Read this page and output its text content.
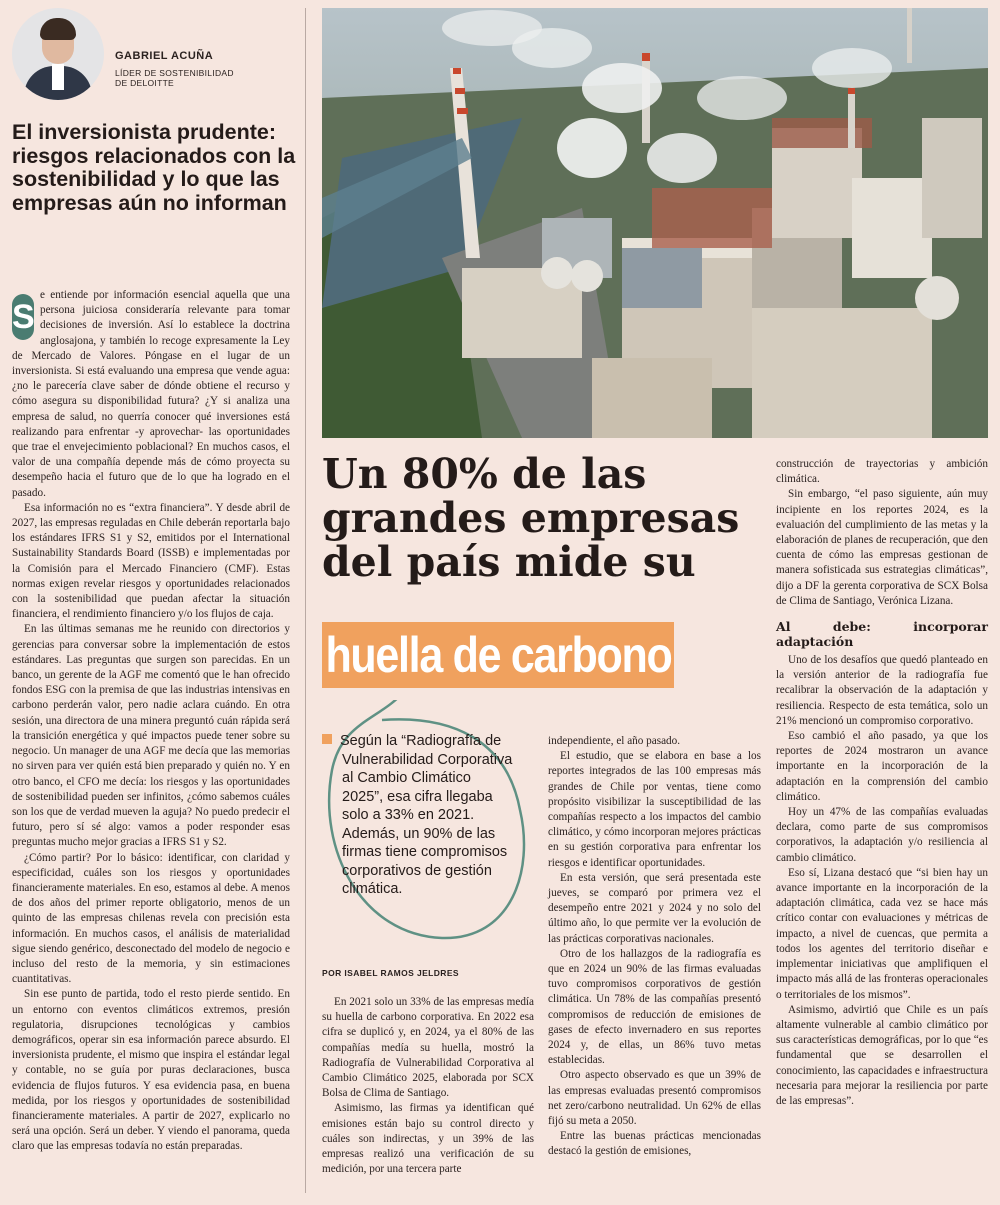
GABRIEL ACUÑA
LÍDER DE SOSTENIBILIDAD DE DELOITTE
El inversionista prudente: riesgos relacionados con la sostenibilidad y lo que las empresas aún no informan

S
e entiende por información esencial aquella que una persona juiciosa consideraría relevante para tomar decisiones de inversión. Así lo establece la doctrina anglosajona, y también lo recoge expresamente la Ley de Mercado de Valores. Póngase en el lugar de un inversionista. Si está evaluando una empresa que vende agua: ¿no le parecería clave saber de dónde obtiene el recurso y cómo asegura su disponibilidad futura? ¿Y si analiza una empresa de salud, no querría conocer qué inversiones está realizando para enfrentar -y aprovechar- las oportunidades que trae el envejecimiento poblacional? En muchos casos, el valor de una compañía depende más de cómo proyecta su desempeño hacia el futuro que de lo que ha logrado en el pasado.

Esa información no es “extra financiera”. Y desde abril de 2027, las empresas reguladas en Chile deberán reportarla bajo los estándares IFRS S1 y S2, emitidos por el International Sustainability Standards Board (ISSB) e implementadas por la Comisión para el Mercado Financiero (CMF). Estas normas exigen revelar riesgos y oportunidades relacionados con la sostenibilidad que puedan afectar la situación financiera, el rendimiento financiero y/o los flujos de caja.

En las últimas semanas me he reunido con directorios y gerencias para conversar sobre la implementación de estos estándares. Las preguntas que surgen son parecidas. En un banco, un gerente de la AGF me comentó que le han ofrecido fondos ESG con la premisa de que las industrias intensivas en carbono perderán valor, pero nadie aclara cuándo. En otra sesión, una directora de una minera preguntó cuán rápida será la transición energética y qué impactos puede tener sobre su negocio. Un manager de una AGF me decía que las memorias no sirven para ver quién está bien preparado y quién no. Y en otro banco, el CFO me decía: los riesgos y las oportunidades de sostenibilidad pueden ser infinitos, ¿cómo sabemos cuáles son los que de verdad mueven la aguja? No puedo predecir el futuro, pero sí sé algo: vamos a poder responder esas preguntas mucho mejor gracias a IFRS S1 y S2.

¿Cómo partir? Por lo básico: identificar, con claridad y especificidad, cuáles son los riesgos y oportunidades financieramente materiales. En eso, estamos al debe. A menos de dos años del primer reporte obligatorio, menos de un quinto de las empresas chilenas revela con precisión esta información. En muchos casos, el análisis de materialidad sigue siendo genérico, desconectado del modelo de negocio e incluso del resto de la memoria, y sin estimaciones cuantitativas.

Sin ese punto de partida, todo el resto pierde sentido. En un entorno con eventos climáticos extremos, presión regulatoria, disrupciones tecnológicas y cambios demográficos, operar sin esa información parece absurdo. El inversionista prudente, el mismo que inspira el estándar legal y contable, no se guía por puras declaraciones, busca evidencia de flujos futuros. Y esa evidencia pasa, en buena medida, por los riesgos y oportunidades de sostenibilidad financieramente materiales. A partir de 2027, explicarlo no será una opción. Será un deber. Y viendo el panorama, queda claro que las empresas todavía no están preparadas.

Un 80% de las grandes empresas del país mide su
huella de carbono

Según la “Radiografía de Vulnerabilidad Corporativa al Cambio Climático 2025”, esa cifra llegaba solo a 33% en 2021. Además, un 90% de las firmas tiene compromisos corporativos de gestión climática.

POR ISABEL RAMOS JELDRES

En 2021 solo un 33% de las empresas medía su huella de carbono corporativa. En 2022 esa cifra se duplicó y, en 2024, ya el 80% de las compañías medía su huella, mostró la Radiografía de Vulnerabilidad Corporativa al Cambio Climático 2025, elaborada por SCX Bolsa de Clima de Santiago.

Asimismo, las firmas ya identifican qué emisiones están bajo su control directo y cuáles son indirectas, y un 39% de las empresas realizó una verificación de su medición, por una tercera parte

independiente, el año pasado.

El estudio, que se elabora en base a los reportes integrados de las 100 empresas más grandes de Chile por ventas, tiene como propósito visibilizar la susceptibilidad de las compañías respecto a los impactos del cambio climático, y cómo incorporan mejores prácticas en su gestión corporativa para enfrentar los riesgos e identificar oportunidades.

En esta versión, que será presentada este jueves, se comparó por primera vez el desempeño entre 2021 y 2024 y no solo del último año, lo que permite ver la evolución de las prácticas corporativas nacionales.

Otro de los hallazgos de la radiografía es que en 2024 un 90% de las firmas evaluadas tuvo compromisos corporativos de gestión climática. Un 78% de las compañías presentó compromisos de reducción de emisiones de gases de efecto invernadero en sus reportes 2024 y, de ellas, un 86% tuvo metas establecidas.

Otro aspecto observado es que un 39% de las empresas evaluadas presentó compromisos net zero/carbono neutralidad. Un 62% de ellas fijó su meta a 2050.

Entre las buenas prácticas mencionadas destacó la gestión de emisiones,

construcción de trayectorias y ambición climática.

Sin embargo, “el paso siguiente, aún muy incipiente en los reportes 2024, es la evaluación del cumplimiento de las metas y la elaboración de planes de recuperación, que den cuenta de cómo las empresas gestionan de manera sofisticada sus estrategias climáticas”, dijo a DF la gerenta corporativa de SCX Bolsa de Clima de Santiago, Verónica Lizana.

Al debe: incorporar adaptación

Uno de los desafíos que quedó planteado en la versión anterior de la radiografía fue recalibrar la observación de la adaptación y resiliencia. Respecto de esta temática, solo un 21% mencionó un compromiso corporativo.

Eso cambió el año pasado, ya que los reportes de 2024 mostraron un avance importante en la incorporación de la adaptación en la comprensión del cambio climático.

Hoy un 47% de las compañías evaluadas declara, como parte de sus compromisos corporativos, la adaptación y/o resiliencia al cambio climático.

Eso sí, Lizana destacó que “si bien hay un avance importante en la incorporación de la adaptación climática, cada vez se hace más crítico contar con evaluaciones y métricas de impacto, a nivel de cuencas, que permita a todos los agentes del territorio diseñar e implementar iniciativas que amplifiquen el impacto más allá de las fronteras operacionales o territoriales de los mismos”.

Asimismo, advirtió que Chile es un país altamente vulnerable al cambio climático por sus características demográficas, por lo que “es fundamental que se desarrollen el conocimiento, las capacidades e infraestructura necesaria para mejorar la resiliencia por parte de las empresas”.
